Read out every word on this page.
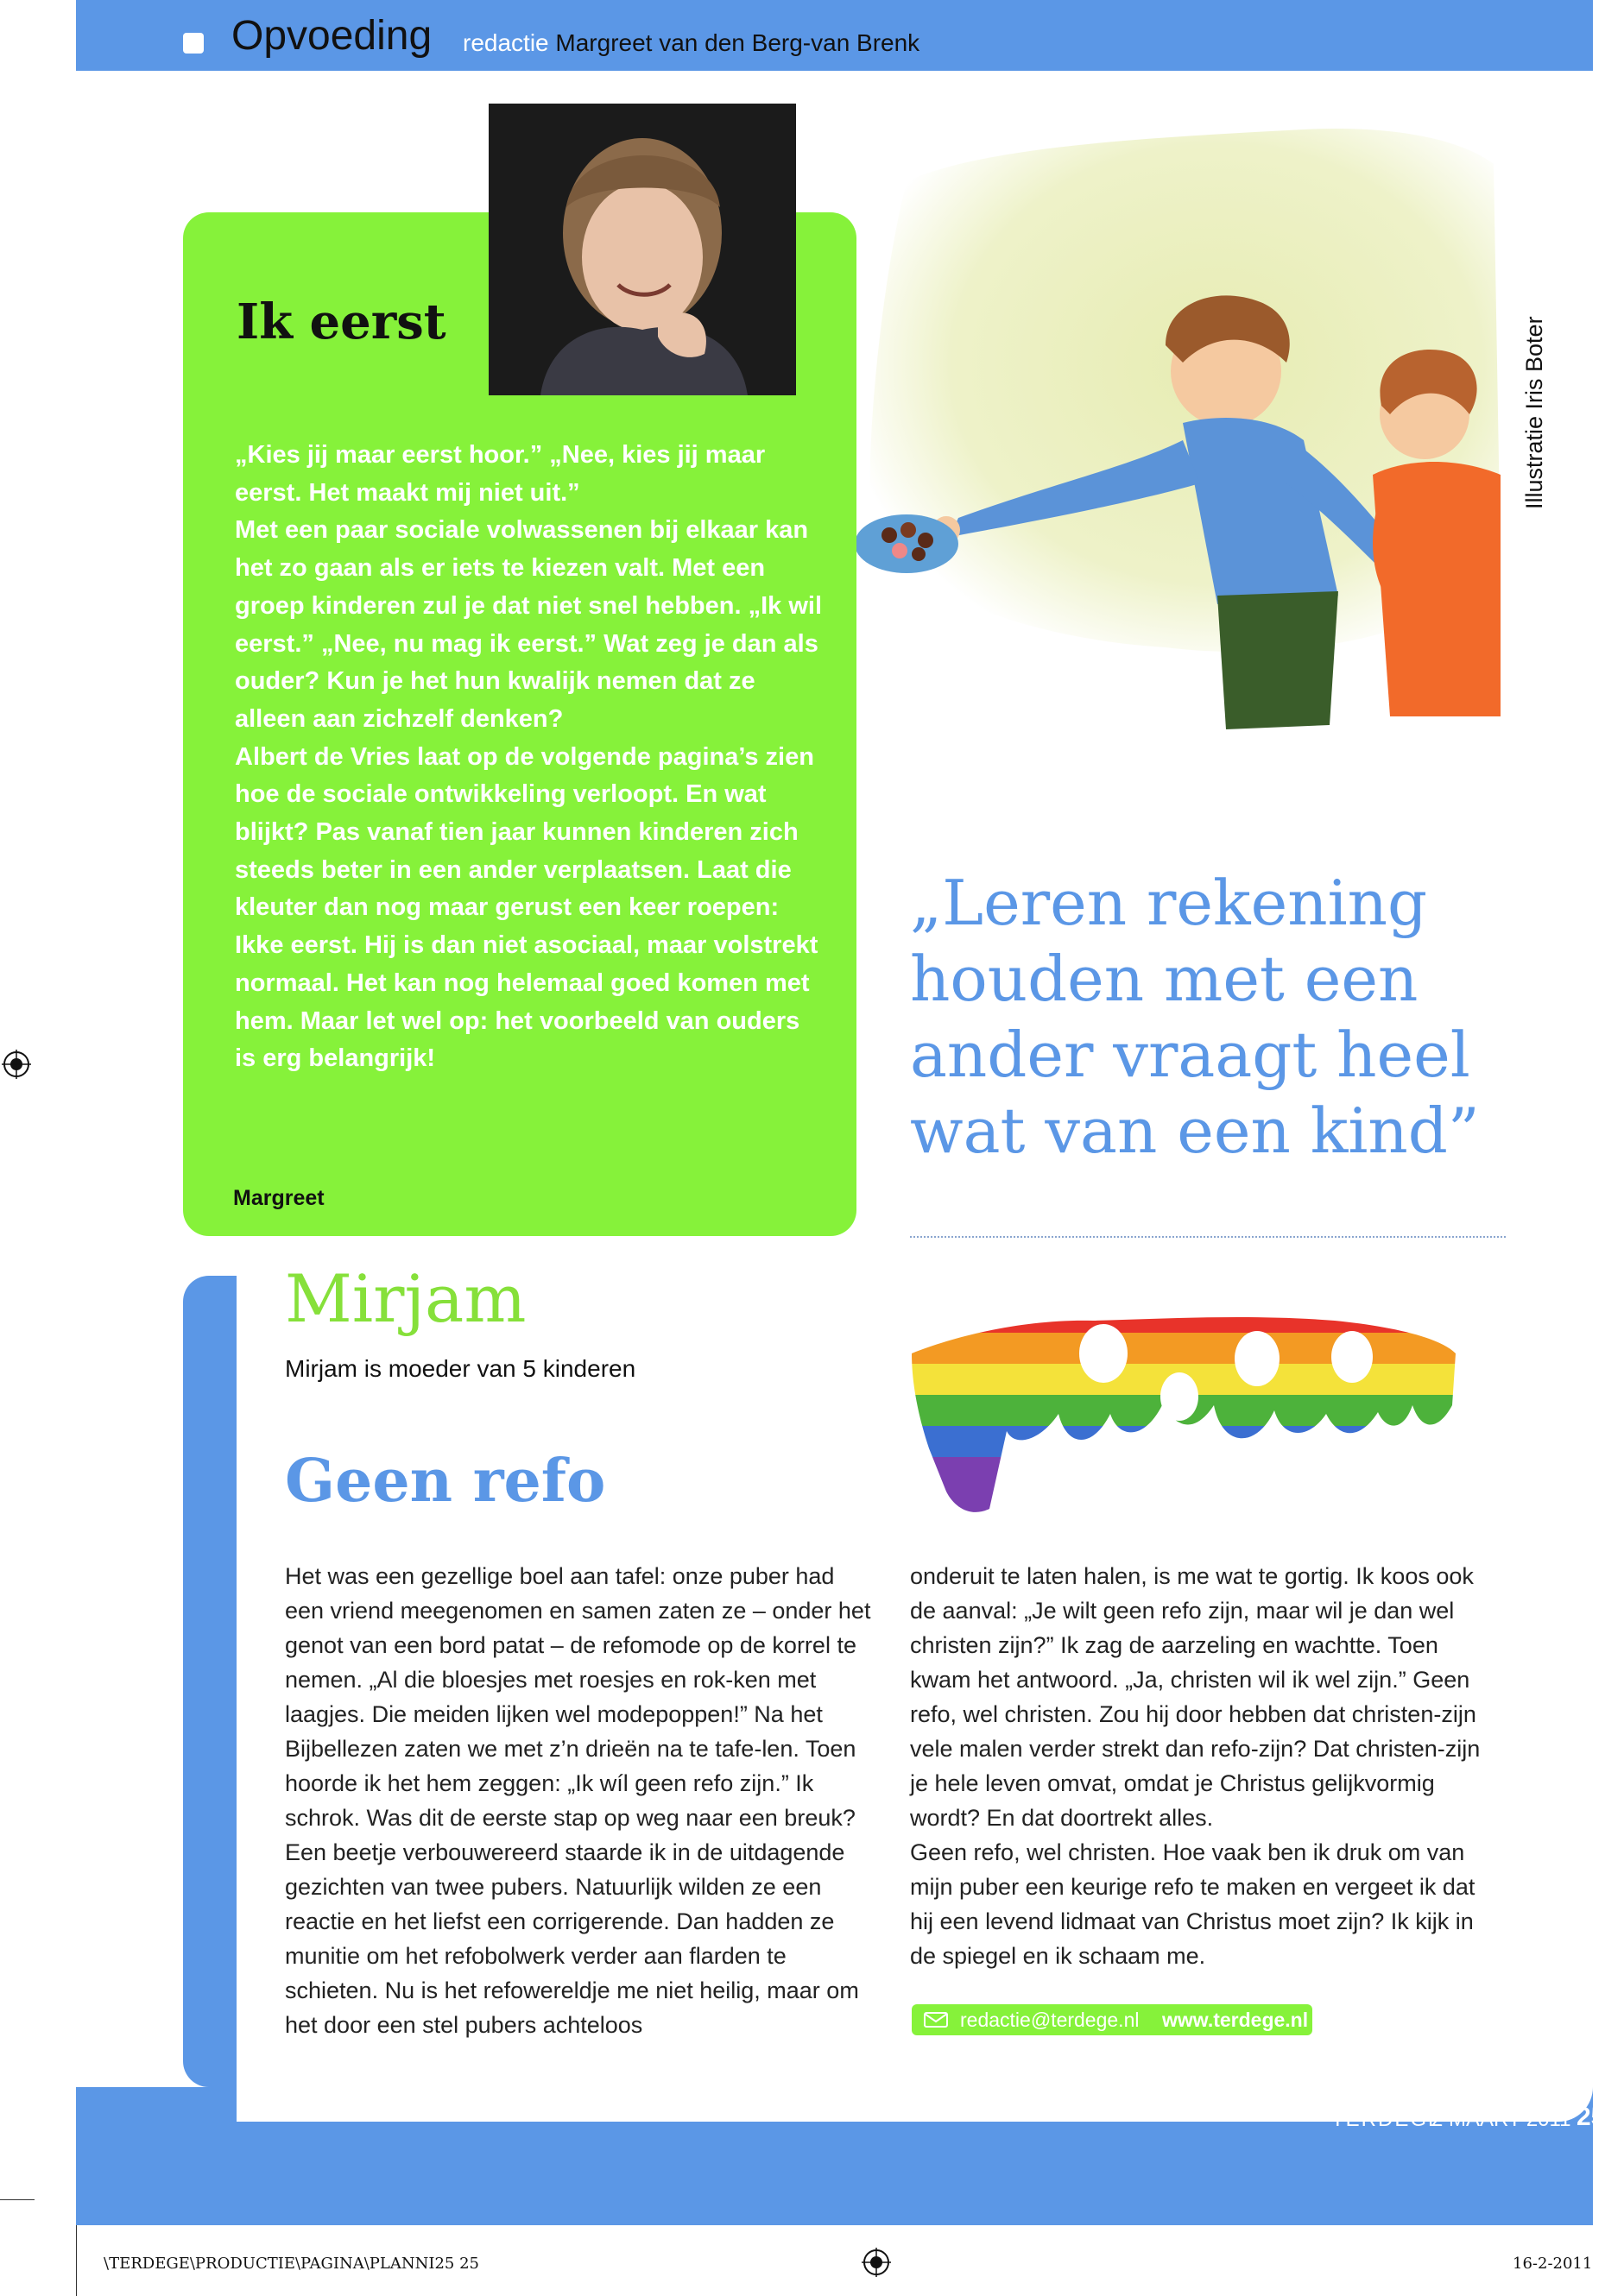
Opvoeding redactie Margreet van den Berg-van Brenk
Illustratie Iris Boter
Ik eerst

„Kies jij maar eerst hoor.” „Nee, kies jij maar eerst. Het maakt mij niet uit.”

Met een paar sociale volwassenen bij elkaar kan het zo gaan als er iets te kiezen valt. Met een groep kinderen zul je dat niet snel hebben. „Ik wil eerst.” „Nee, nu mag ik eerst.” Wat zeg je dan als ouder? Kun je het hun kwalijk nemen dat ze alleen aan zichzelf denken?

Albert de Vries laat op de volgende pagina’s zien hoe de sociale ontwikkeling verloopt. En wat blijkt? Pas vanaf tien jaar kunnen kinderen zich steeds beter in een ander verplaatsen. Laat die kleuter dan nog maar gerust een keer roepen: Ikke eerst. Hij is dan niet asociaal, maar volstrekt normaal. Het kan nog helemaal goed komen met hem. Maar let wel op: het voorbeeld van ouders is erg belangrijk!

Margreet
„Leren rekening houden met een ander vraagt heel wat van een kind”
Mirjam
Mirjam is moeder van 5 kinderen
Geen refo

Het was een gezellige boel aan tafel: onze puber had een vriend meegenomen en samen zaten ze – onder het genot van een bord patat – de refomode op de korrel te nemen. „Al die bloesjes met roesjes en rok-ken met laagjes. Die meiden lijken wel modepoppen!” Na het Bijbellezen zaten we met z’n drieën na te tafe-len. Toen hoorde ik het hem zeggen: „Ik wíl geen refo zijn.” Ik schrok. Was dit de eerste stap op weg naar een breuk? Een beetje verbouwereerd staarde ik in de uitdagende gezichten van twee pubers. Natuurlijk wilden ze een reactie en het liefst een corrigerende. Dan hadden ze munitie om het refobolwerk verder aan flarden te schieten. Nu is het refowereldje me niet heilig, maar om het door een stel pubers achteloos

onderuit te laten halen, is me wat te gortig. Ik koos ook de aanval: „Je wilt geen refo zijn, maar wil je dan wel christen zijn?” Ik zag de aarzeling en wachtte. Toen kwam het antwoord. „Ja, christen wil ik wel zijn.” Geen refo, wel christen. Zou hij door hebben dat christen-zijn vele malen verder strekt dan refo-zijn? Dat christen-zijn je hele leven omvat, omdat je Christus gelijkvormig wordt? En dat doortrekt alles.

Geen refo, wel christen. Hoe vaak ben ik druk om van mijn puber een keurige refo te maken en vergeet ik dat hij een levend lidmaat van Christus moet zijn? Ik kijk in de spiegel en ik schaam me.

redactie@terdege.nl www.terdege.nl
TERDEGE
2 MAART 2011 25
\TERDEGE\PRODUCTIE\PAGINA\PLANNI25 25	16-2-2011
